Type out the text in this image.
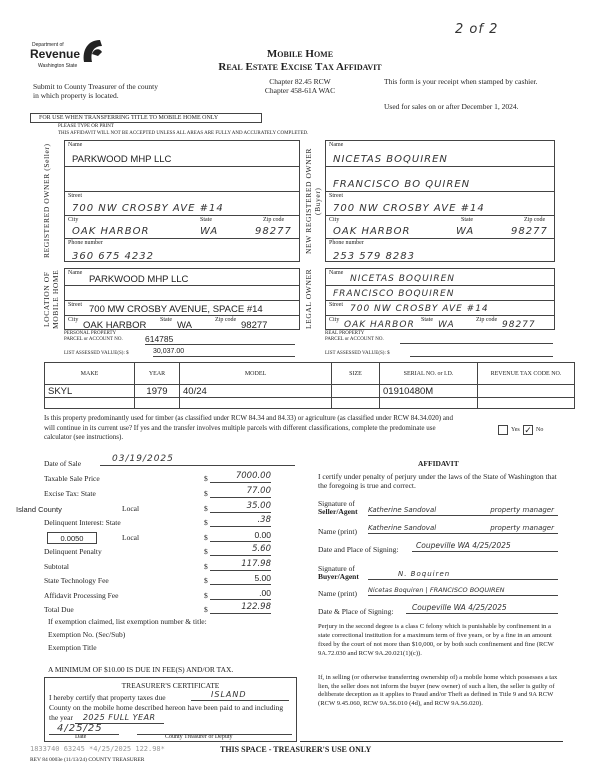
2 of 2
Department of
Revenue
Washington State
Mobile Home
Real Estate Excise Tax Affidavit
Chapter 82.45 RCW
Chapter 458-61A WAC
Submit to County Treasurer of the county in which property is located.
This form is your receipt when stamped by cashier.
Used for sales on or after December 1, 2024.
FOR USE WHEN TRANSFERRING TITLE TO MOBILE HOME ONLY
PLEASE TYPE OR PRINT
THIS AFFIDAVIT WILL NOT BE ACCEPTED UNLESS ALL AREAS ARE FULLY AND ACCURATELY COMPLETED.
REGISTERED OWNER (Seller)	Name
PARKWOOD MHP LLC
Street
700 NW CROSBY AVE #14
City	State	Zip code
OAK HARBOR	WA	98277
Phone number
360 675 4232
NEW REGISTERED OWNER (Buyer)
Name
NICETAS BOQUIREN
FRANCISCO BO QUIREN
Street
700 NW CROSBY AVE #14
City	State	Zip code
OAK HARBOR	WA	98277
Phone number
253 579 8283
LOCATION OF MOBILE HOME	Name
PARKWOOD MHP LLC
Street 700 MW CROSBY AVENUE, SPACE #14
City	State	Zip code
OAK HARBOR	WA	98277	LEGAL OWNER	Name
NICETAS BOQUIREN
FRANCISCO BOQUIREN
Street 700 NW CROSBY AVE #14
City	State	Zip code
OAK HARBOR	WA	98277
PERSONAL PROPERTY
PARCEL or ACCOUNT NO.	614785
LIST ASSESSED VALUE(S): $	30,037.00
REAL PROPERTY
PARCEL or ACCOUNT NO.
LIST ASSESSED VALUE(S): $
MAKE	YEAR	MODEL	SIZE	SERIAL NO. or I.D.	REVENUE TAX CODE NO.
SKYL	1979	40/24		01910480M	

Is this property predominantly used for timber (as classified under RCW 84.34 and 84.33) or agriculture (as classified under RCW 84.34.020) and will continue in its current use? If yes and the transfer involves multiple parcels with different classifications, complete the predominate use calculator (see instructions).
Yes ✓ No
Date of Sale	03/19/2025
Island County
0.0050
Taxable Sale Price	$	7000.00
Excise Tax: State	$	77.00
Local	$	35.00
Delinquent Interest: State	$	.38
Local	$	0.00
Delinquent Penalty	$	5.60
Subtotal	$	117.98
State Technology Fee	$	5.00
Affidavit Processing Fee	$	.00
Total Due	$	122.98
If exemption claimed, list exemption number & title:
Exemption No. (Sec/Sub)
Exemption Title
A MINIMUM OF $10.00 IS DUE IN FEE(S) AND/OR TAX.
TREASURER'S CERTIFICATE
I hereby certify that property taxes due	ISLAND
County on the mobile home described hereon have been paid to and including the year 2025 FULL YEAR
4/25/25
Date	County Treasurer or Deputy
AFFIDAVIT
I certify under penalty of perjury under the laws of the State of Washington that the foregoing is true and correct.
Signature of
Seller/Agent Katherine Sandoval	property manager
Name (print) Katherine Sandoval	property manager
Date and Place of Signing:	Coupeville WA 4/25/2025
Signature of
Buyer/Agent	N. Boquiren
Name (print) Nicetas Boquiren | FRANCISCO BOQUIREN
Date & Place of Signing:	Coupeville WA 4/25/2025
Perjury in the second degree is a class C felony which is punishable by confinement in a state correctional institution for a maximum term of five years, or by a fine in an amount fixed by the court of not more than $10,000, or by both such confinement and fine (RCW 9A.72.030 and RCW 9A.20.021(1)(c)).
If, in selling (or otherwise transferring ownership of) a mobile home which possesses a tax lien, the seller does not inform the buyer (new owner) of such a lien, the seller is guilty of deliberate deception as it applies to Fraud and/or Theft as defined in Title 9 and 9A RCW (RCW 9.45.060, RCW 9A.56.010 (4d), and RCW 9A.56.020).
1833740 63245 *4/25/2025 122.98*	THIS SPACE - TREASURER'S USE ONLY
REV 84 0003e (11/13/24) COUNTY TREASURER
